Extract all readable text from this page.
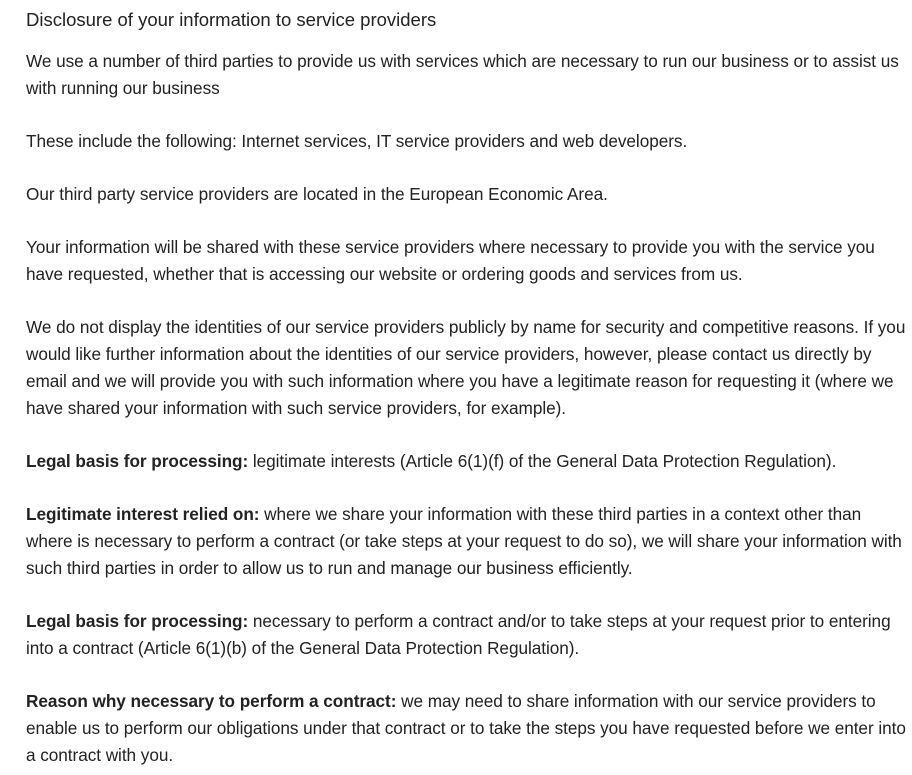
Disclosure of your information to service providers

We use a number of third parties to provide us with services which are necessary to run our business or to assist us with running our business

These include the following: Internet services, IT service providers and web developers.

Our third party service providers are located in the European Economic Area.

Your information will be shared with these service providers where necessary to provide you with the service you have requested, whether that is accessing our website or ordering goods and services from us.

We do not display the identities of our service providers publicly by name for security and competitive reasons. If you would like further information about the identities of our service providers, however, please contact us directly by email and we will provide you with such information where you have a legitimate reason for requesting it (where we have shared your information with such service providers, for example).

Legal basis for processing: legitimate interests (Article 6(1)(f) of the General Data Protection Regulation).

Legitimate interest relied on: where we share your information with these third parties in a context other than where is necessary to perform a contract (or take steps at your request to do so), we will share your information with such third parties in order to allow us to run and manage our business efficiently.

Legal basis for processing: necessary to perform a contract and/or to take steps at your request prior to entering into a contract (Article 6(1)(b) of the General Data Protection Regulation).

Reason why necessary to perform a contract: we may need to share information with our service providers to enable us to perform our obligations under that contract or to take the steps you have requested before we enter into a contract with you.
